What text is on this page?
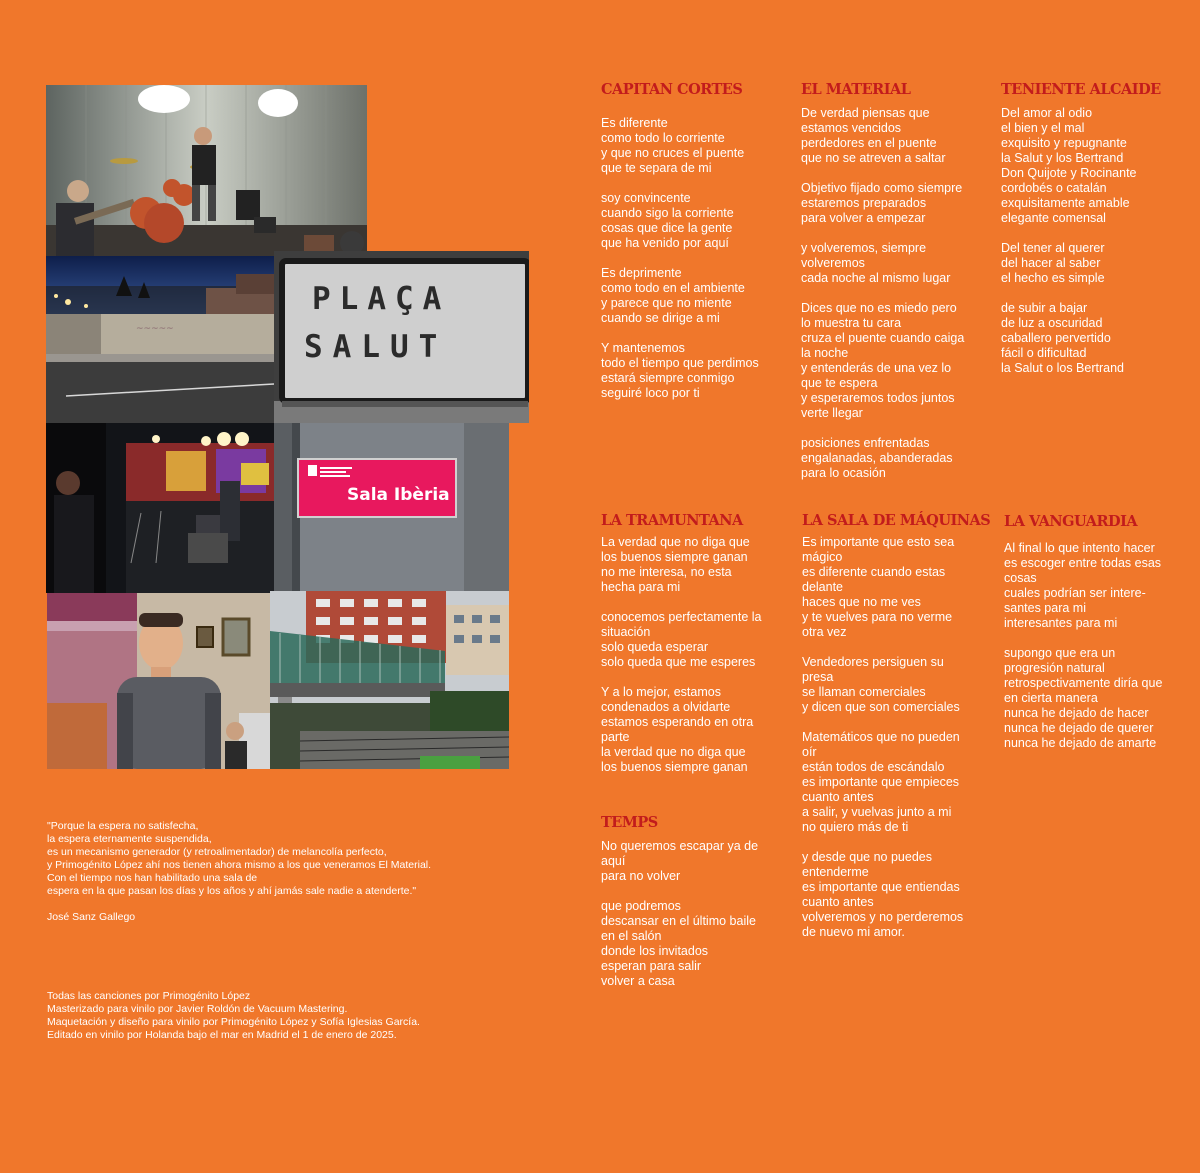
~~~~~
PLAÇA
SALUT
Sala Ibèria
"Porque la espera no satisfecha,
la espera eternamente suspendida,
es un mecanismo generador (y retroalimentador) de melancolía perfecto,
y Primogénito López ahí nos tienen ahora mismo a los que veneramos El Material.
Con el tiempo nos han habilitado una sala de
espera en la que pasan los días y los años y ahí jamás sale nadie a atenderte."
José Sanz Gallego
Todas las canciones por Primogénito López
Masterizado para vinilo por Javier Roldón de Vacuum Mastering.
Maquetación y diseño para vinilo por Primogénito López y Sofía Iglesias García.
Editado en vinilo por Holanda bajo el mar en Madrid el 1 de enero de 2025.
CAPITAN CORTES
Es diferente
como todo lo corriente
y que no cruces el puente
que te separa de mi
soy convincente
cuando sigo la corriente
cosas que dice la gente
que ha venido por aquí
Es deprimente
como todo en el ambiente
y parece que no miente
cuando se dirige a mi
Y mantenemos
todo el tiempo que perdimos
estará siempre conmigo
seguiré loco por ti
EL MATERIAL
De verdad piensas que
estamos vencidos
perdedores en el puente
que no se atreven a saltar
Objetivo fijado como siempre
estaremos preparados
para volver a empezar
y volveremos, siempre
volveremos
cada noche al mismo lugar
Dices que no es miedo pero
lo muestra tu cara
cruza el puente cuando caiga
la noche
y entenderás de una vez lo
que te espera
y esperaremos todos juntos
verte llegar
posiciones enfrentadas
engalanadas, abanderadas
para lo ocasión
TENIENTE ALCAIDE
Del amor al odio
el bien y el mal
exquisito y repugnante
la Salut y los Bertrand
Don Quijote y Rocinante
cordobés o catalán
exquisitamente amable
elegante comensal
Del tener al querer
del hacer al saber
el hecho es simple
de subir a bajar
de luz a oscuridad
caballero pervertido
fácil o dificultad
la Salut o los Bertrand
LA TRAMUNTANA
La verdad que no diga que
los buenos siempre ganan
no me interesa, no esta
hecha para mi
conocemos perfectamente la
situación
solo queda esperar
solo queda que me esperes
Y a lo mejor, estamos
condenados a olvidarte
estamos esperando en otra
parte
la verdad que no diga que
los buenos siempre ganan
LA SALA DE MÁQUINAS
Es importante que esto sea
mágico
es diferente cuando estas
delante
haces que no me ves
y te vuelves para no verme
otra vez
Vendedores persiguen su
presa
se llaman comerciales
y dicen que son comerciales
Matemáticos que no pueden
oír
están todos de escándalo
es importante que empieces
cuanto antes
a salir, y vuelvas junto a mi
no quiero más de ti
y desde que no puedes
entenderme
es importante que entiendas
cuanto antes
volveremos y no perderemos
de nuevo mi amor.
LA VANGUARDIA
Al final lo que intento hacer
es escoger entre todas esas
cosas
cuales podrían ser intere-
santes para mi
interesantes para mi
supongo que era un
progresión natural
retrospectivamente diría que
en cierta manera
nunca he dejado de hacer
nunca he dejado de querer
nunca he dejado de amarte
TEMPS
No queremos escapar ya de
aquí
para no volver
que podremos
descansar en el último baile
en el salón
donde los invitados
esperan para salir
volver a casa
